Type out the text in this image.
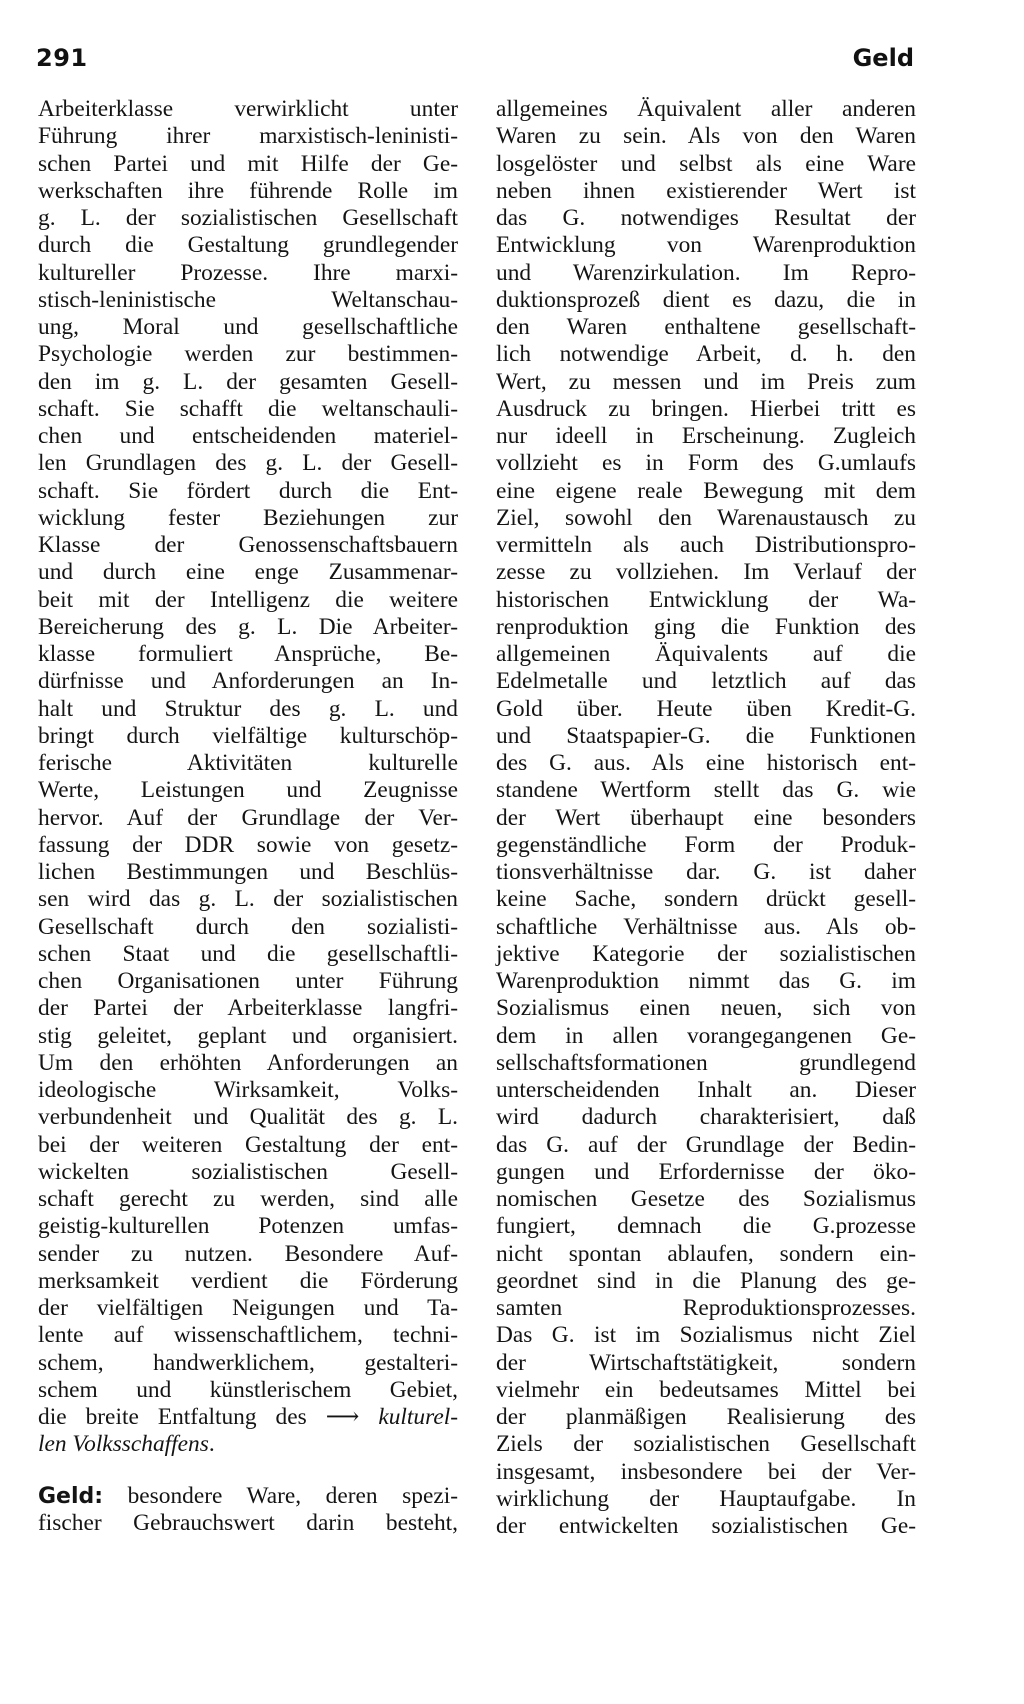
291	Geld
Arbeiterklasse verwirklicht unter
Führung ihrer marxistisch-leninisti-
schen Partei und mit Hilfe der Ge-
werkschaften ihre führende Rolle im
g. L. der sozialistischen Gesellschaft
durch die Gestaltung grundlegender
kultureller Prozesse. Ihre marxi-
stisch-leninistische Weltanschau-
ung, Moral und gesellschaftliche
Psychologie werden zur bestimmen-
den im g. L. der gesamten Gesell-
schaft. Sie schafft die weltanschauli-
chen und entscheidenden materiel-
len Grundlagen des g. L. der Gesell-
schaft. Sie fördert durch die Ent-
wicklung fester Beziehungen zur
Klasse der Genossenschaftsbauern
und durch eine enge Zusammenar-
beit mit der Intelligenz die weitere
Bereicherung des g. L. Die Arbeiter-
klasse formuliert Ansprüche, Be-
dürfnisse und Anforderungen an In-
halt und Struktur des g. L. und
bringt durch vielfältige kulturschöp-
ferische Aktivitäten kulturelle
Werte, Leistungen und Zeugnisse
hervor. Auf der Grundlage der Ver-
fassung der DDR sowie von gesetz-
lichen Bestimmungen und Beschlüs-
sen wird das g. L. der sozialistischen
Gesellschaft durch den sozialisti-
schen Staat und die gesellschaftli-
chen Organisationen unter Führung
der Partei der Arbeiterklasse langfri-
stig geleitet, geplant und organisiert.
Um den erhöhten Anforderungen an
ideologische Wirksamkeit, Volks-
verbundenheit und Qualität des g. L.
bei der weiteren Gestaltung der ent-
wickelten sozialistischen Gesell-
schaft gerecht zu werden, sind alle
geistig-kulturellen Potenzen umfas-
sender zu nutzen. Besondere Auf-
merksamkeit verdient die Förderung
der vielfältigen Neigungen und Ta-
lente auf wissenschaftlichem, techni-
schem, handwerklichem, gestalteri-
schem und künstlerischem Gebiet,
die breite Entfaltung des ⟶ kulturel-
len Volksschaffens.
Geld: besondere Ware, deren spezi-
fischer Gebrauchswert darin besteht,
allgemeines Äquivalent aller anderen
Waren zu sein. Als von den Waren
losgelöster und selbst als eine Ware
neben ihnen existierender Wert ist
das G. notwendiges Resultat der
Entwicklung von Warenproduktion
und Warenzirkulation. Im Repro-
duktionsprozeß dient es dazu, die in
den Waren enthaltene gesellschaft-
lich notwendige Arbeit, d. h. den
Wert, zu messen und im Preis zum
Ausdruck zu bringen. Hierbei tritt es
nur ideell in Erscheinung. Zugleich
vollzieht es in Form des G.umlaufs
eine eigene reale Bewegung mit dem
Ziel, sowohl den Warenaustausch zu
vermitteln als auch Distributionspro-
zesse zu vollziehen. Im Verlauf der
historischen Entwicklung der Wa-
renproduktion ging die Funktion des
allgemeinen Äquivalents auf die
Edelmetalle und letztlich auf das
Gold über. Heute üben Kredit-G.
und Staatspapier-G. die Funktionen
des G. aus. Als eine historisch ent-
standene Wertform stellt das G. wie
der Wert überhaupt eine besonders
gegenständliche Form der Produk-
tionsverhältnisse dar. G. ist daher
keine Sache, sondern drückt gesell-
schaftliche Verhältnisse aus. Als ob-
jektive Kategorie der sozialistischen
Warenproduktion nimmt das G. im
Sozialismus einen neuen, sich von
dem in allen vorangegangenen Ge-
sellschaftsformationen grundlegend
unterscheidenden Inhalt an. Dieser
wird dadurch charakterisiert, daß
das G. auf der Grundlage der Bedin-
gungen und Erfordernisse der öko-
nomischen Gesetze des Sozialismus
fungiert, demnach die G.prozesse
nicht spontan ablaufen, sondern ein-
geordnet sind in die Planung des ge-
samten Reproduktionsprozesses.
Das G. ist im Sozialismus nicht Ziel
der Wirtschaftstätigkeit, sondern
vielmehr ein bedeutsames Mittel bei
der planmäßigen Realisierung des
Ziels der sozialistischen Gesellschaft
insgesamt, insbesondere bei der Ver-
wirklichung der Hauptaufgabe. In
der entwickelten sozialistischen Ge-
